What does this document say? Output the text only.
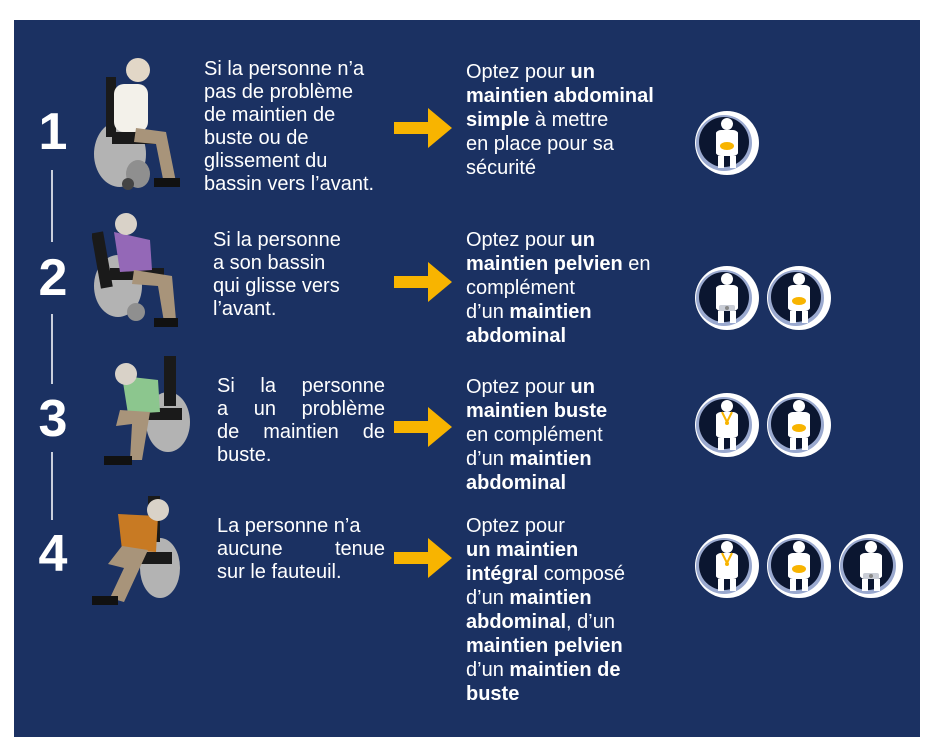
1
2
3
4
Si la personne n’a
pas de problème
de maintien de
buste ou de
glissement du
bassin vers l’avant.
Si la personne
a son bassin
qui glisse vers
l’avant.
Si la personne
a un problème
de maintien de
buste.
La personne n’a
aucune tenue
sur le fauteuil.
Optez pour un
maintien abdominal
simple à mettre
en place pour sa
sécurité
Optez pour un
maintien pelvien en
complément
d’un maintien
abdominal
Optez pour un
maintien buste
en complément
d’un maintien
abdominal
Optez pour
un maintien
intégral composé
d’un maintien
abdominal, d’un
maintien pelvien
d’un maintien de
buste
